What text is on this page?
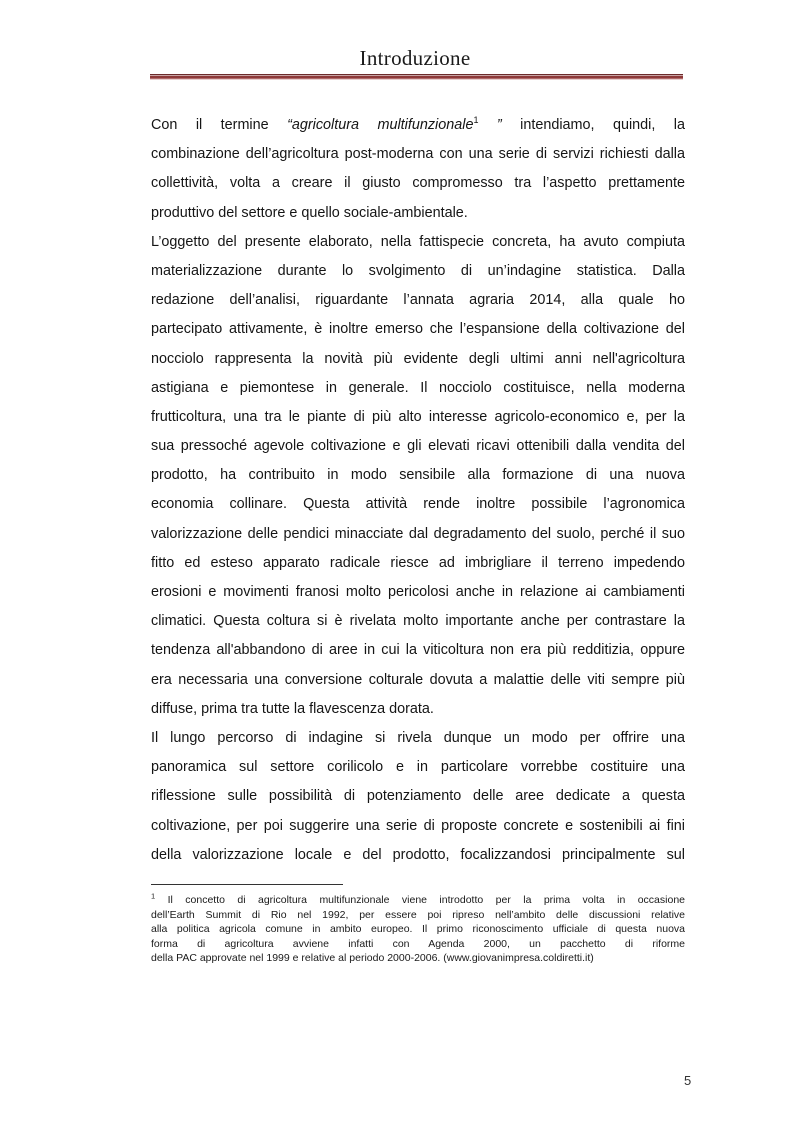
Introduzione
Con il termine “agricoltura multifunzionale$^1$ ” intendiamo, quindi, la
combinazione dell’agricoltura post-moderna con una serie di servizi richiesti dalla
collettività, volta a creare il giusto compromesso tra l’aspetto prettamente
produttivo del settore e quello sociale-ambientale.
L’oggetto del presente elaborato, nella fattispecie concreta, ha avuto compiuta
materializzazione durante lo svolgimento di un’indagine statistica. Dalla
redazione dell’analisi, riguardante l’annata agraria 2014, alla quale ho
partecipato attivamente, è inoltre emerso che l’espansione della coltivazione del
nocciolo rappresenta la novità più evidente degli ultimi anni nell'agricoltura
astigiana e piemontese in generale. Il nocciolo costituisce, nella moderna
frutticoltura, una tra le piante di più alto interesse agricolo-economico e, per la
sua pressoché agevole coltivazione e gli elevati ricavi ottenibili dalla vendita del
prodotto, ha contribuito in modo sensibile alla formazione di una nuova
economia collinare. Questa attività rende inoltre possibile l’agronomica
valorizzazione delle pendici minacciate dal degradamento del suolo, perché il suo
fitto ed esteso apparato radicale riesce ad imbrigliare il terreno impedendo
erosioni e movimenti franosi molto pericolosi anche in relazione ai cambiamenti
climatici. Questa coltura si è rivelata molto importante anche per contrastare la
tendenza all'abbandono di aree in cui la viticoltura non era più redditizia, oppure
era necessaria una conversione colturale dovuta a malattie delle viti sempre più
diffuse, prima tra tutte la flavescenza dorata.
Il lungo percorso di indagine si rivela dunque un modo per offrire una
panoramica sul settore corilicolo e in particolare vorrebbe costituire una
riflessione sulle possibilità di potenziamento delle aree dedicate a questa
coltivazione, per poi suggerire una serie di proposte concrete e sostenibili ai fini
della valorizzazione locale e del prodotto, focalizzandosi principalmente sul
$^1$ Il concetto di agricoltura multifunzionale viene introdotto per la prima volta in occasione
dell’Earth Summit di Rio nel 1992, per essere poi ripreso nell’ambito delle discussioni relative
alla politica agricola comune in ambito europeo. Il primo riconoscimento ufficiale di questa nuova
forma di agricoltura avviene infatti con Agenda 2000, un pacchetto di riforme
della PAC approvate nel 1999 e relative al periodo 2000-2006. (www.giovanimpresa.coldiretti.it)
5
